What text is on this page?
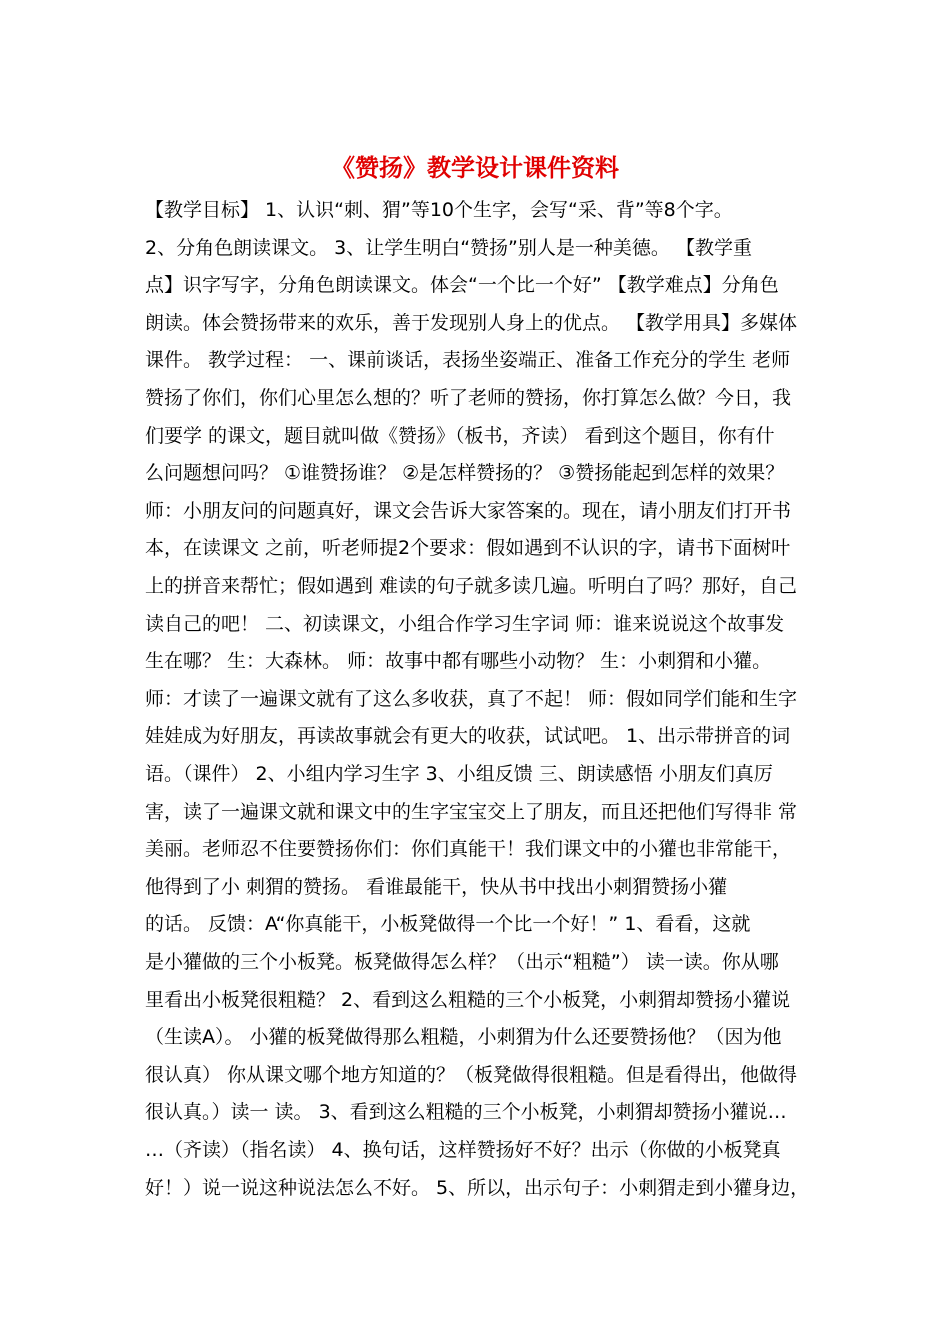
《赞扬》教学设计课件资料
【教学目标】 1、认识“刺、猬”等10个生字，会写“采、背”等8个字。
2、分角色朗读课文。 3、让学生明白“赞扬”别人是一种美德。 【教学重
点】识字写字，分角色朗读课文。体会“一个比一个好” 【教学难点】分角色
朗读。体会赞扬带来的欢乐，善于发现别人身上的优点。 【教学用具】多媒体
课件。 教学过程： 一、课前谈话，表扬坐姿端正、准备工作充分的学生 老师
赞扬了你们，你们心里怎么想的？听了老师的赞扬，你打算怎么做？今日，我
们要学 的课文，题目就叫做《赞扬》（板书，齐读） 看到这个题目，你有什
么问题想问吗？ ①谁赞扬谁？ ②是怎样赞扬的？ ③赞扬能起到怎样的效果？
师：小朋友问的问题真好，课文会告诉大家答案的。现在，请小朋友们打开书
本，在读课文 之前，听老师提2个要求：假如遇到不认识的字，请书下面树叶
上的拼音来帮忙；假如遇到 难读的句子就多读几遍。听明白了吗？那好，自己
读自己的吧！ 二、初读课文，小组合作学习生字词 师：谁来说说这个故事发
生在哪？ 生：大森林。 师：故事中都有哪些小动物？ 生：小刺猬和小獾。
师：才读了一遍课文就有了这么多收获，真了不起！ 师：假如同学们能和生字
娃娃成为好朋友，再读故事就会有更大的收获，试试吧。 1、出示带拼音的词
语。（课件） 2、小组内学习生字 3、小组反馈 三、朗读感悟 小朋友们真厉
害，读了一遍课文就和课文中的生字宝宝交上了朋友，而且还把他们写得非 常
美丽。老师忍不住要赞扬你们：你们真能干！我们课文中的小獾也非常能干，
他得到了小 刺猬的赞扬。 看谁最能干，快从书中找出小刺猬赞扬小獾
的话。 反馈：A“你真能干，小板凳做得一个比一个好！” 1、看看，这就
是小獾做的三个小板凳。板凳做得怎么样？（出示“粗糙”） 读一读。你从哪
里看出小板凳很粗糙？ 2、看到这么粗糙的三个小板凳，小刺猬却赞扬小獾说
（生读A）。 小獾的板凳做得那么粗糙，小刺猬为什么还要赞扬他？（因为他
很认真） 你从课文哪个地方知道的？（板凳做得很粗糙。但是看得出，他做得
很认真。）读一 读。 3、看到这么粗糙的三个小板凳，小刺猬却赞扬小獾说…
…（齐读）（指名读） 4、换句话，这样赞扬好不好？出示（你做的小板凳真
好！）说一说这种说法怎么不好。 5、所以，出示句子：小刺猬走到小獾身边，
